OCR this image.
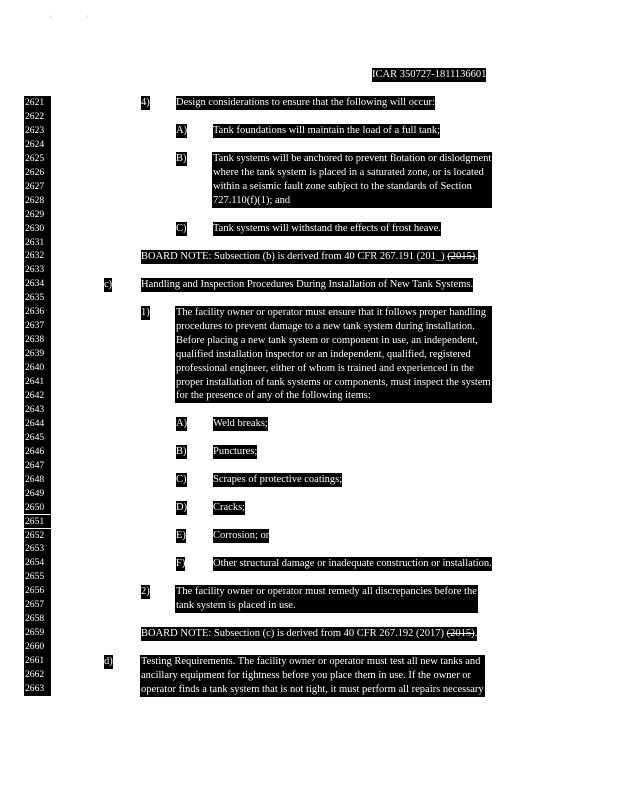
'	'
ICAR 350727-1811136601
2621
2622
2623
2624
2625
2626
2627
2628
2629
2630
2631
2632
2633
2634
2635
2636
2637
2638
2639
2640
2641
2642
2643
2644
2645
2646
2647
2648
2649
2650
2651
2652
2653
2654
2655
2656
2657
2658
2659
2660
2661
2662
2663
4)	Design considerations to ensure that the following will occur:
A) Tank foundations will maintain the load of a full tank;
B)	Tank systems will be anchored to prevent flotation or dislodgment
where the tank system is placed in a saturated zone, or is located
within a seismic fault zone subject to the standards of Section
727.110(f)(1); and
C)	Tank systems will withstand the effects of frost heave.
BOARD NOTE: Subsection (b) is derived from 40 CFR 267.191 (201_) (2015).
c)	Handling and Inspection Procedures During Installation of New Tank Systems.
1)	The facility owner or operator must ensure that it follows proper handling
procedures to prevent damage to a new tank system during installation.
Before placing a new tank system or component in use, an independent,
qualified installation inspector or an independent, qualified, registered
professional engineer, either of whom is trained and experienced in the
proper installation of tank systems or components, must inspect the system
for the presence of any of the following items:
A) Weld breaks;
B)	Punctures;
C)	Scrapes of protective coatings;
D) Cracks;
E)	Corrosion; or
F)	Other structural damage or inadequate construction or installation.
2)	The facility owner or operator must remedy all discrepancies before the
tank system is placed in use.
BOARD NOTE: Subsection (c) is derived from 40 CFR 267.192 (2017) (2015).
d)	Testing Requirements. The facility owner or operator must test all new tanks and
ancillary equipment for tightness before you place them in use. If the owner or
operator finds a tank system that is not tight, it must perform all repairs necessary
